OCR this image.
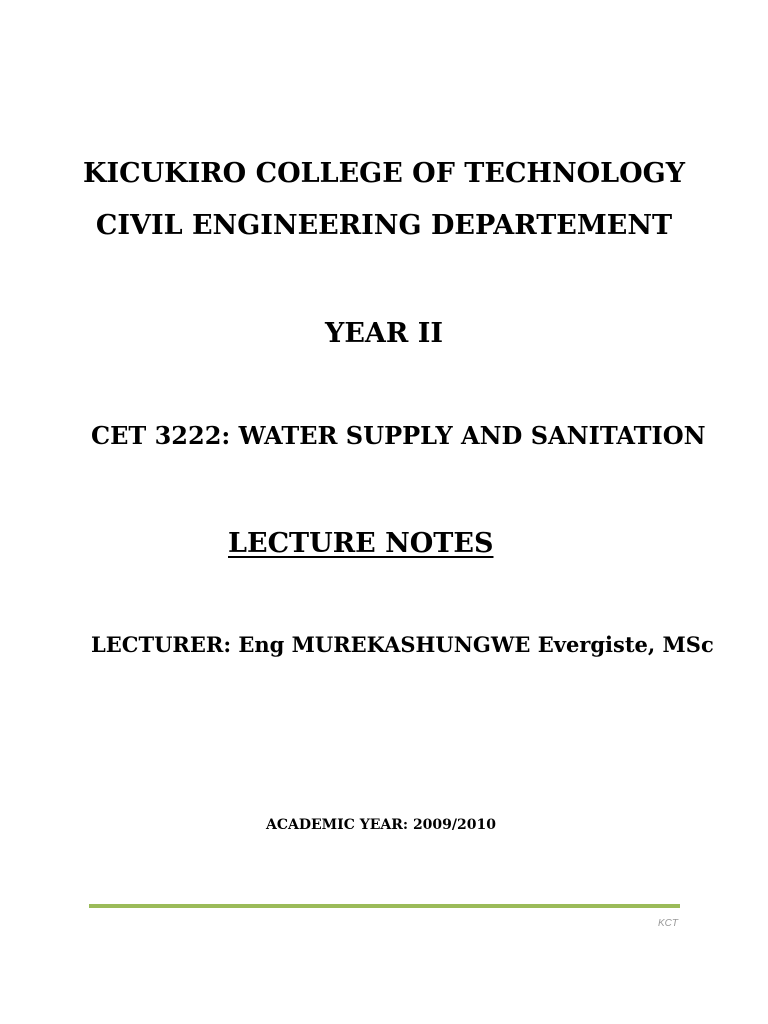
KICUKIRO COLLEGE OF TECHNOLOGY
CIVIL ENGINEERING DEPARTEMENT
YEAR II
CET 3222: WATER SUPPLY AND SANITATION
LECTURE NOTES

LECTURER: Eng MUREKASHUNGWE Evergiste, MSc

ACADEMIC YEAR: 2009/2010

KCT
